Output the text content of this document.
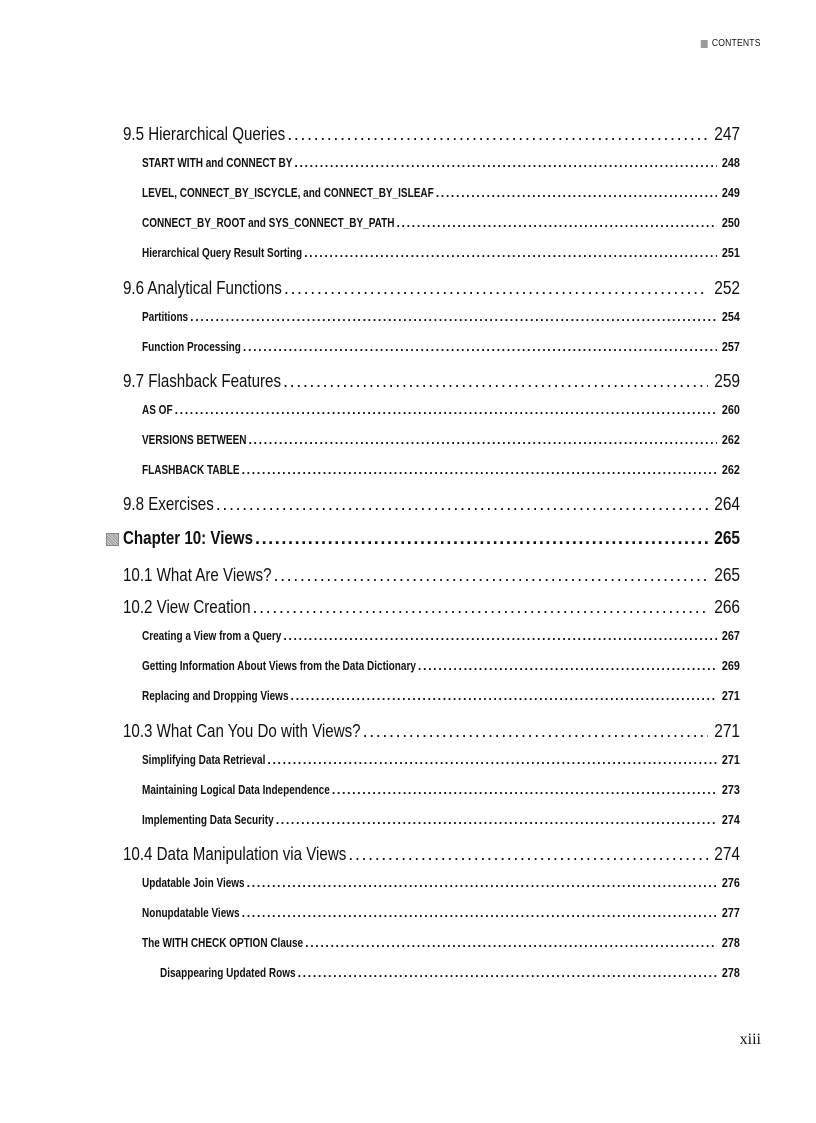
CONTENTS
9.5 Hierarchical Queries .....	247
START WITH and CONNECT BY .....	248
LEVEL, CONNECT_BY_ISCYCLE, and CONNECT_BY_ISLEAF .....	249
CONNECT_BY_ROOT and SYS_CONNECT_BY_PATH .....	250
Hierarchical Query Result Sorting .....	251
9.6 Analytical Functions .....	252
Partitions .....	254
Function Processing .....	257
9.7 Flashback Features .....	259
AS OF .....	260
VERSIONS BETWEEN .....	262
FLASHBACK TABLE .....	262
9.8 Exercises .....	264
Chapter 10: Views .....	265
10.1 What Are Views? .....	265
10.2 View Creation .....	266
Creating a View from a Query .....	267
Getting Information About Views from the Data Dictionary .....	269
Replacing and Dropping Views .....	271
10.3 What Can You Do with Views? .....	271
Simplifying Data Retrieval .....	271
Maintaining Logical Data Independence .....	273
Implementing Data Security .....	274
10.4 Data Manipulation via Views .....	274
Updatable Join Views .....	276
Nonupdatable Views .....	277
The WITH CHECK OPTION Clause .....	278
Disappearing Updated Rows .....	278
xiii
